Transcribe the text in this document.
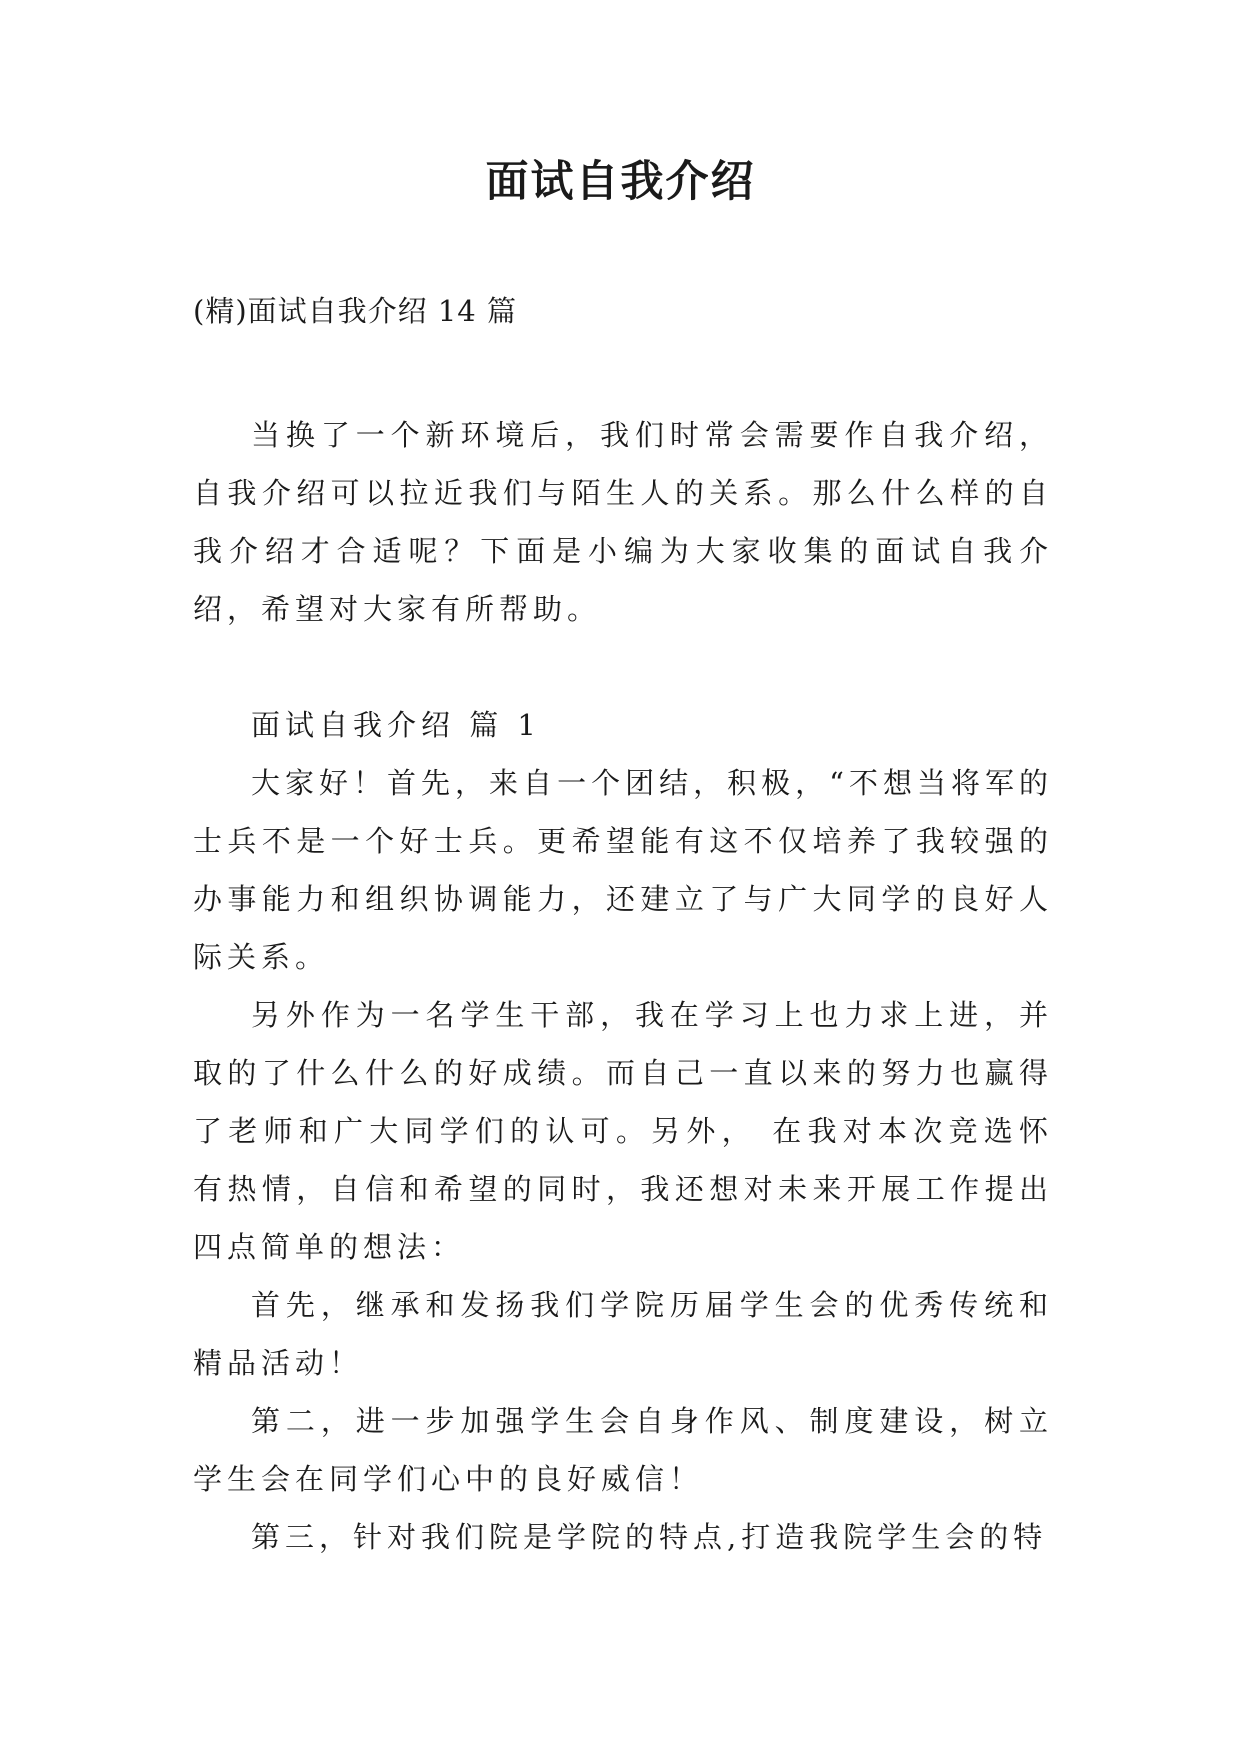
面试自我介绍
(精)面试自我介绍 14 篇

当换了一个新环境后，我们时常会需要作自我介绍，自我介绍可以拉近我们与陌生人的关系。那么什么样的自我介绍才合适呢？下面是小编为大家收集的面试自我介绍，希望对大家有所帮助。

面试自我介绍 篇 1

大家好！首先，来自一个团结，积极，“不想当将军的士兵不是一个好士兵。更希望能有这不仅培养了我较强的办事能力和组织协调能力，还建立了与广大同学的良好人际关系。

另外作为一名学生干部，我在学习上也力求上进，并取的了什么什么的好成绩。而自己一直以来的努力也赢得了老师和广大同学们的认可。另外， 在我对本次竞选怀有热情，自信和希望的同时，我还想对未来开展工作提出四点简单的想法：

首先，继承和发扬我们学院历届学生会的优秀传统和精品活动！

第二，进一步加强学生会自身作风、制度建设，树立学生会在同学们心中的良好威信！

第三，针对我们院是学院的特点,打造我院学生会的特
